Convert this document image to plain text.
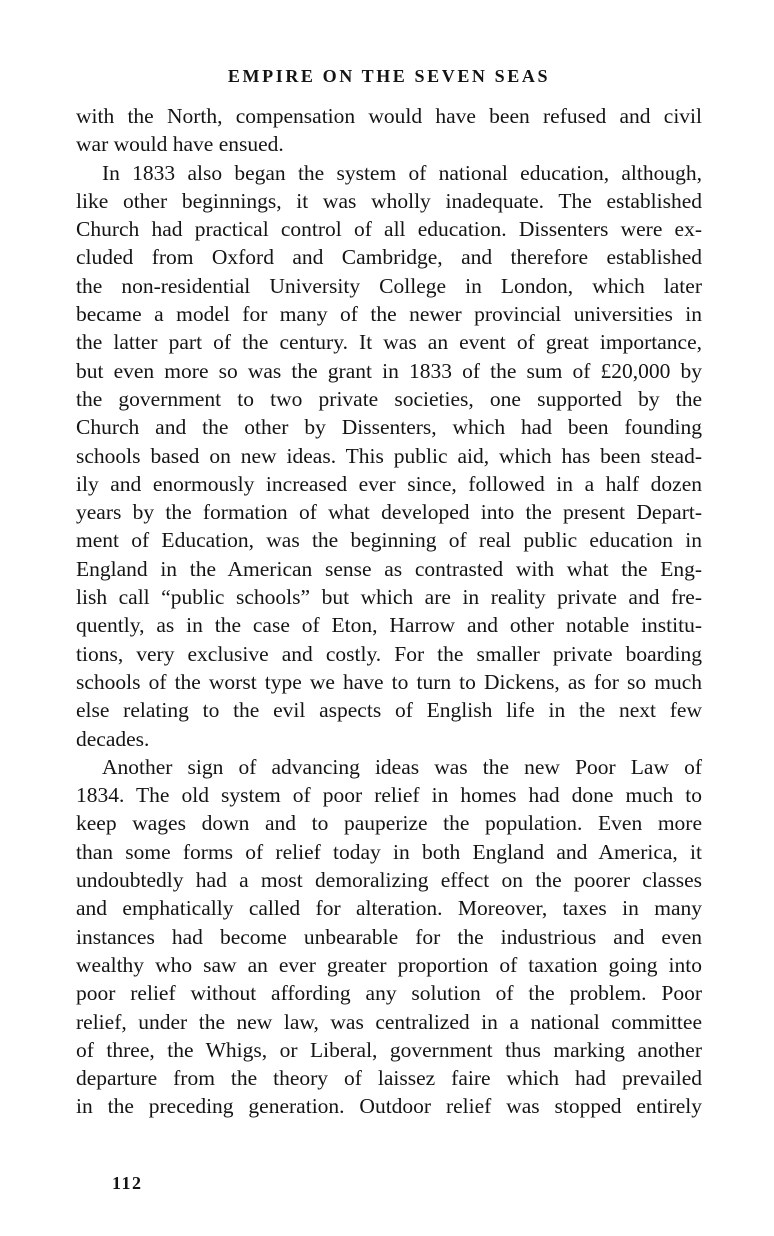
EMPIRE ON THE SEVEN SEAS

with the North, compensation would have been refused and civil

war would have ensued.

In 1833 also began the system of national education, although,

like other beginnings, it was wholly inadequate. The established

Church had practical control of all education. Dissenters were ex-

cluded from Oxford and Cambridge, and therefore established

the non-residential University College in London, which later

became a model for many of the newer provincial universities in

the latter part of the century. It was an event of great importance,

but even more so was the grant in 1833 of the sum of £20,000 by

the government to two private societies, one supported by the

Church and the other by Dissenters, which had been founding

schools based on new ideas. This public aid, which has been stead-

ily and enormously increased ever since, followed in a half dozen

years by the formation of what developed into the present Depart-

ment of Education, was the beginning of real public education in

England in the American sense as contrasted with what the Eng-

lish call “public schools” but which are in reality private and fre-

quently, as in the case of Eton, Harrow and other notable institu-

tions, very exclusive and costly. For the smaller private boarding

schools of the worst type we have to turn to Dickens, as for so much

else relating to the evil aspects of English life in the next few

decades.

Another sign of advancing ideas was the new Poor Law of

1834. The old system of poor relief in homes had done much to

keep wages down and to pauperize the population. Even more

than some forms of relief today in both England and America, it

undoubtedly had a most demoralizing effect on the poorer classes

and emphatically called for alteration. Moreover, taxes in many

instances had become unbearable for the industrious and even

wealthy who saw an ever greater proportion of taxation going into

poor relief without affording any solution of the problem. Poor

relief, under the new law, was centralized in a national committee

of three, the Whigs, or Liberal, government thus marking another

departure from the theory of laissez faire which had prevailed

in the preceding generation. Outdoor relief was stopped entirely

112
